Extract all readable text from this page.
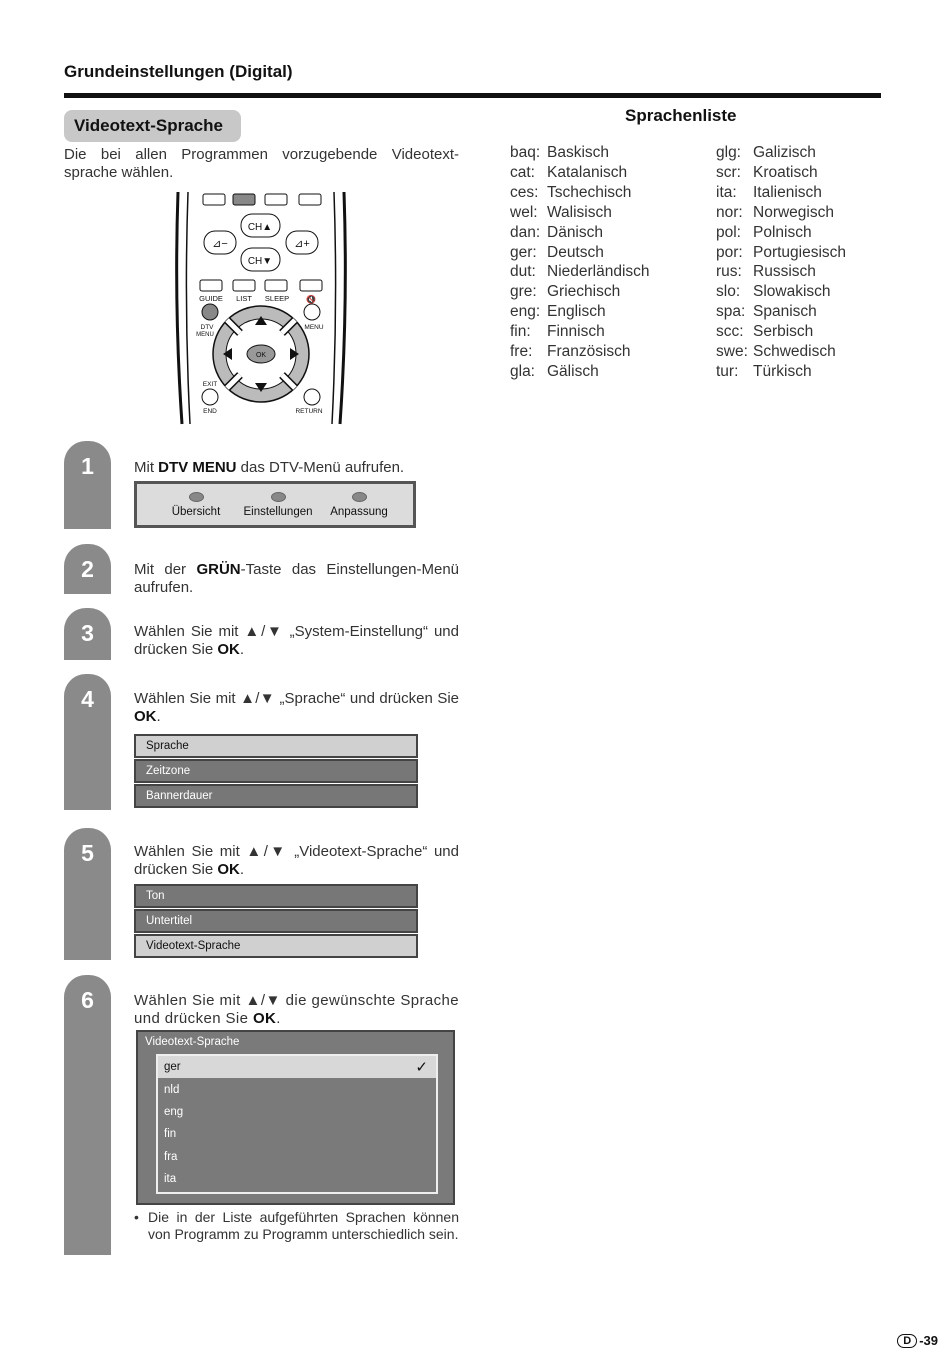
Grundeinstellungen (Digital)
Videotext-Sprache
Die bei allen Programmen vorzugebende Videotext-sprache wählen.
CH▲
CH▼
⊿−	⊿+
GUIDE LIST SLEEP 🔇
DTV
MENU
MENU
OK
EXIT
END	RETURN
1
2
3
4
5
6
Mit DTV MENU das DTV-Menü aufrufen.
Mit der GRÜN-Taste das Einstellungen-Menü aufrufen.
Wählen Sie mit ▲/▼ „System-Einstellung“ und drücken Sie OK.
Wählen Sie mit ▲/▼ „Sprache“ und drücken Sie OK.
Wählen Sie mit ▲/▼ „Videotext-Sprache“ und drücken Sie OK.
Wählen Sie mit ▲/▼ die gewünschte Sprache und drücken Sie OK.
Übersicht	Einstellungen	Anpassung
Sprache
Zeitzone
Bannerdauer
Ton
Untertitel
Videotext-Sprache
Videotext-Sprache
ger	✓
nld
eng
fin
fra
ita
• Die in der Liste aufgeführten Sprachen können von Programm zu Programm unterschiedlich sein.
Sprachenliste
baq: Baskisch
cat: Katalanisch
ces: Tschechisch
wel: Walisisch
dan: Dänisch
ger: Deutsch
dut: Niederländisch
gre: Griechisch
eng: Englisch
fin:	Finnisch
fre: Französisch
gla: Gälisch
glg: Galizisch
scr: Kroatisch
ita:	Italienisch
nor: Norwegisch
pol: Polnisch
por: Portugiesisch
rus: Russisch
slo: Slowakisch
spa: Spanisch
scc: Serbisch
swe: Schwedisch
tur: Türkisch
D -39
